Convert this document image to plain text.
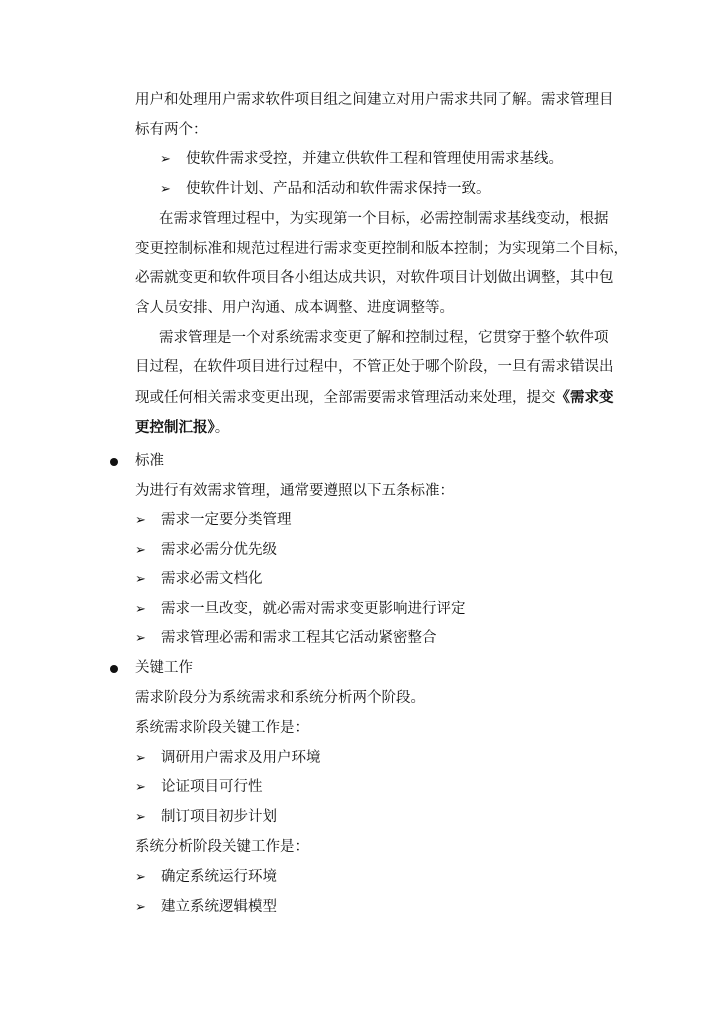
用户和处理用户需求软件项目组之间建立对用户需求共同了解。需求管理目
标有两个：
➢ 使软件需求受控，并建立供软件工程和管理使用需求基线。
➢ 使软件计划、产品和活动和软件需求保持一致。
在需求管理过程中，为实现第一个目标，必需控制需求基线变动，根据
变更控制标准和规范过程进行需求变更控制和版本控制；为实现第二个目标，
必需就变更和软件项目各小组达成共识，对软件项目计划做出调整，其中包
含人员安排、用户沟通、成本调整、进度调整等。
需求管理是一个对系统需求变更了解和控制过程，它贯穿于整个软件项
目过程，在软件项目进行过程中，不管正处于哪个阶段，一旦有需求错误出
现或任何相关需求变更出现，全部需要需求管理活动来处理，提交《需求变
更控制汇报》。
标准
为进行有效需求管理，通常要遵照以下五条标准：
➢ 需求一定要分类管理
➢ 需求必需分优先级
➢ 需求必需文档化
➢ 需求一旦改变，就必需对需求变更影响进行评定
➢ 需求管理必需和需求工程其它活动紧密整合
关键工作
需求阶段分为系统需求和系统分析两个阶段。
系统需求阶段关键工作是：
➢ 调研用户需求及用户环境
➢ 论证项目可行性
➢ 制订项目初步计划
系统分析阶段关键工作是：
➢ 确定系统运行环境
➢ 建立系统逻辑模型
